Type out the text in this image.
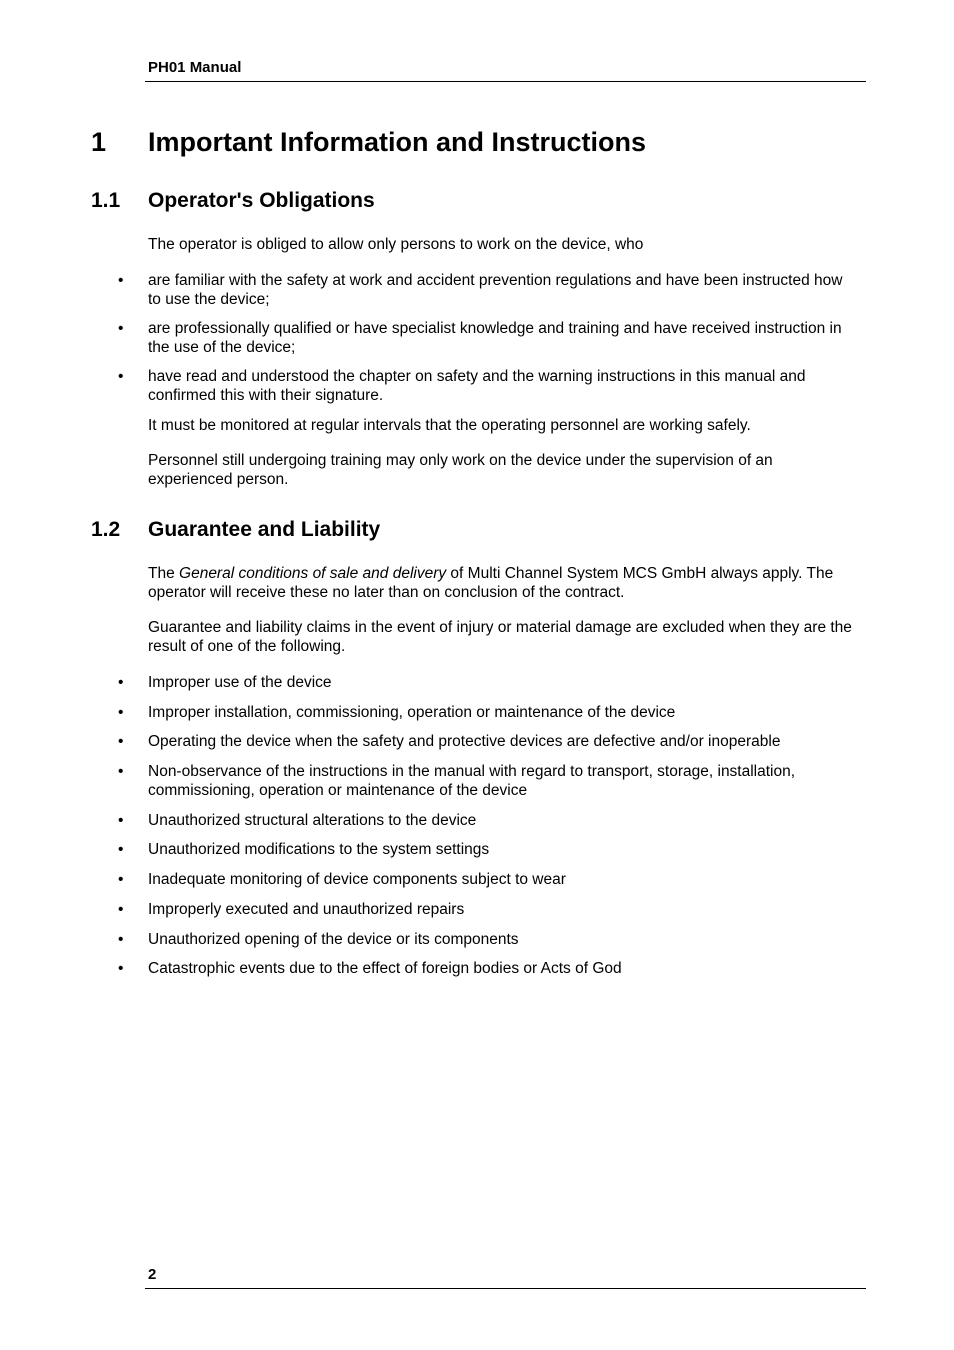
PH01 Manual
1 Important Information and Instructions
1.1 Operator's Obligations
The operator is obliged to allow only persons to work on the device, who
• are familiar with the safety at work and accident prevention regulations and have been instructed how to use the device;
• are professionally qualified or have specialist knowledge and training and have received instruction in the use of the device;
• have read and understood the chapter on safety and the warning instructions in this manual and confirmed this with their signature.
It must be monitored at regular intervals that the operating personnel are working safely.
Personnel still undergoing training may only work on the device under the supervision of an experienced person.
1.2 Guarantee and Liability
The General conditions of sale and delivery of Multi Channel System MCS GmbH always apply. The operator will receive these no later than on conclusion of the contract.
Guarantee and liability claims in the event of injury or material damage are excluded when they are the result of one of the following.
• Improper use of the device
• Improper installation, commissioning, operation or maintenance of the device
• Operating the device when the safety and protective devices are defective and/or inoperable
• Non-observance of the instructions in the manual with regard to transport, storage, installation, commissioning, operation or maintenance of the device
• Unauthorized structural alterations to the device
• Unauthorized modifications to the system settings
• Inadequate monitoring of device components subject to wear
• Improperly executed and unauthorized repairs
• Unauthorized opening of the device or its components
• Catastrophic events due to the effect of foreign bodies or Acts of God
2
